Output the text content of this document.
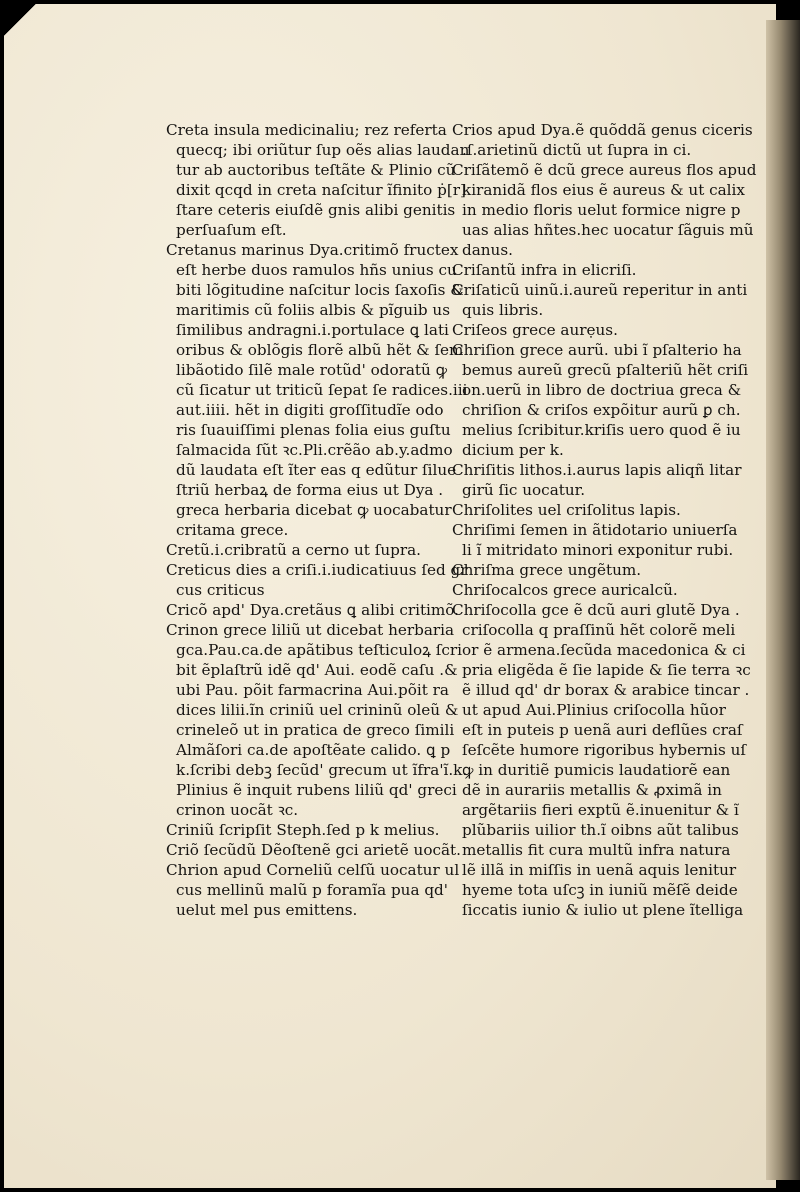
Creta insula medicinaliu; rez referta
quecq; ibi oriũtur ſup oẽs alias laudan
tur ab auctoribus teſtãte & Plinio cũ
dixit qcqd in creta naſcitur ĩfinito ṗ[r]
ſtare ceteris eiuſdẽ gnis alibi genitis
perſuaſum eſt.
Cretanus marinus Dya.critimõ fructex
eſt herbe duos ramulos hñs unius cu
biti lõgitudine naſcitur locis ſaxoſis &
maritimis cũ foliis albis & pĩguib us
ſimilibus andragni.i.portulace ꝗ lati
oribus & oblõgis florẽ albũ hẽt & ſem
libãotido ſilẽ male rotũd' odoratũ ꝙ
cũ ſicatur ut triticũ ſepat ſe radices.iii
aut.iiii. hẽt in digiti groſſitudĩe odo
ris ſuauiſſimi plenas folia eius guſtu
ſalmacida ſũt ꝛc.Pli.crẽão ab.y.admo
dũ laudata eſt ĩter eas q edũtur ſilue
ſtriũ herbaꝝ de forma eius ut Dya .
greca herbaria dicebat ꝙ uocabatur
critama grece.
Cretũ.i.cribratũ a cerno ut ſupra.
Creticus dies a criſi.i.iudicatiuus ſed gr
cus criticus
Cricõ apd' Dya.cretãus ꝗ alibi critimõ.
Crinon grece liliũ ut dicebat herbaria
gca.Pau.ca.de apãtibus teſticuloꝝ ſcri
bit ẽplaſtrũ idẽ qd' Aui. eodẽ caſu .&
ubi Pau. põit farmacrina Aui.põit ra
dices lilii.ĩn criniũ uel crininũ oleũ &
crineleõ ut in pratica de greco ſimili
Almãſori ca.de apoſtẽate calido. ꝗ p
k.ſcribi debꝫ ſecũd' grecum ut ĩfra'ĩ.k.
Plinius ẽ inquit rubens liliũ qd' greci
crinon uocãt ꝛc.
Criniũ ſcripſit Steph.ſed p k melius.
Criõ ſecũdũ Dẽoſtenẽ gci arietẽ uocãt.
Chrion apud Corneliũ celſũ uocatur ul
cus mellinũ malũ p foramĩa pua qd'
uelut mel pus emittens.
Crios apud Dya.ẽ quõddã genus ciceris
.ſ.arietinũ dictũ ut ſupra in ci.
Criſãtemõ ẽ dcũ grece aureus flos apud
kiranidã flos eius ẽ aureus & ut calix
in medio floris uelut formice nigre p
uas alias hñtes.hec uocatur ſãguis mũ
danus.
Criſantũ infra in elicriſi.
Criſaticũ uinũ.i.aureũ reperitur in anti
quis libris.
Criſeos grece aurẹus.
Chriſion grece aurũ. ubi ĩ pſalterio ha
bemus aureũ grecũ pſalteriũ hẽt criſi
on.uerũ in libro de doctriua greca &
chriſion & criſos expõitur aurũ ꝑ ch.
melius ſcribitur.kriſis uero quod ẽ iu
dicium per k.
Chriſitis lithos.i.aurus lapis aliqñ litar
girũ ſic uocatur.
Chriſolites uel criſolitus lapis.
Chriſimi ſemen in ãtidotario uniuerſa
li ĩ mitridato minori exponitur rubi.
Chriſma grece ungẽtum.
Chriſocalcos grece auricalcũ.
Chriſocolla gce ẽ dcũ auri glutẽ Dya .
criſocolla q praſſinũ hẽt colorẽ meli
or ẽ armena.ſecũda macedonica & ci
pria eligẽda ẽ ſie lapide & ſie terra ꝛc
ẽ illud qd' dr borax & arabice tincar .
ut apud Aui.Plinius criſocolla hũor
eſt in puteis p uenã auri deflũes craſ
ſeſcẽte humore rigoribus hybernis uſ
ꝙ in duritiẽ pumicis laudatiorẽ ean
dẽ in aurariis metallis & ꝓximã in
argẽtariis fieri exptũ ẽ.inuenitur & ĩ
plũbariis uilior th.ĩ oibns aũt talibus
metallis fit cura multũ infra natura
lẽ illã in miſſis in uenã aquis lenitur
hyeme tota uſcꝫ in iuniũ mẽſẽ deide
ſiccatis iunio & iulio ut plene ĩtelliga
